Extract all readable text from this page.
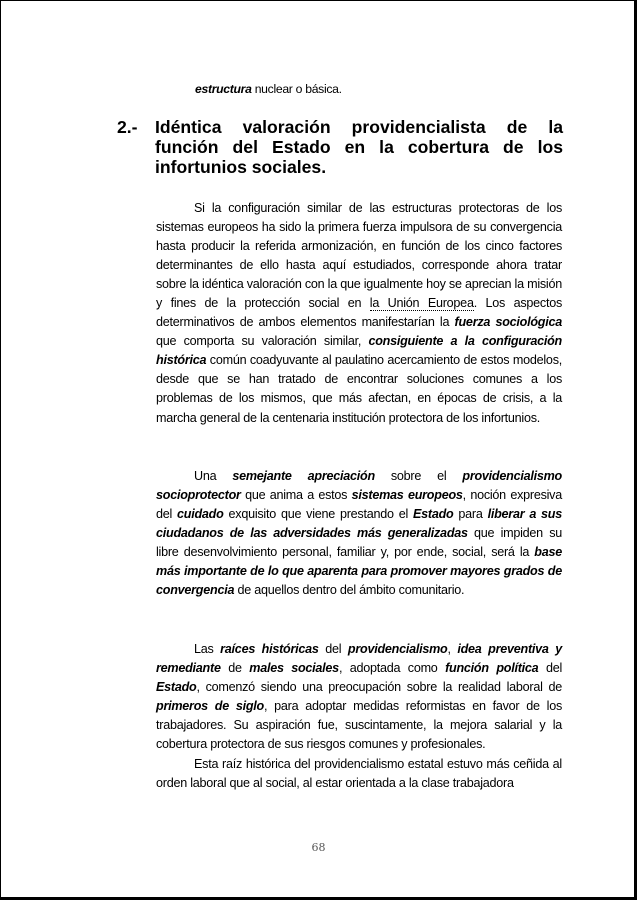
estructura nuclear o básica.
2.- Idéntica valoración providencialista de la función del Estado en la cobertura de los infortunios sociales.

Si la configuración similar de las estructuras protectoras de los sistemas europeos ha sido la primera fuerza impulsora de su convergencia hasta producir la referida armonización, en función de los cinco factores determinantes de ello hasta aquí estudiados, corresponde ahora tratar sobre la idéntica valoración con la que igualmente hoy se aprecian la misión y fines de la protección social en la Unión Europea. Los aspectos determinativos de ambos elementos manifestarían la fuerza sociológica que comporta su valoración similar, consiguiente a la configuración histórica común coadyuvante al paulatino acercamiento de estos modelos, desde que se han tratado de encontrar soluciones comunes a los problemas de los mismos, que más afectan, en épocas de crisis, a la marcha general de la centenaria institución protectora de los infortunios.

Una semejante apreciación sobre el providencialismo socioprotector que anima a estos sistemas europeos, noción expresiva del cuidado exquisito que viene prestando el Estado para liberar a sus ciudadanos de las adversidades más generalizadas que impiden su libre desenvolvimiento personal, familiar y, por ende, social, será la base más importante de lo que aparenta para promover mayores grados de convergencia de aquellos dentro del ámbito comunitario.

Las raíces históricas del providencialismo, idea preventiva y remediante de males sociales, adoptada como función política del Estado, comenzó siendo una preocupación sobre la realidad laboral de primeros de siglo, para adoptar medidas reformistas en favor de los trabajadores. Su aspiración fue, suscintamente, la mejora salarial y la cobertura protectora de sus riesgos comunes y profesionales.

Esta raíz histórica del providencialismo estatal estuvo más ceñida al orden laboral que al social, al estar orientada a la clase trabajadora

68
